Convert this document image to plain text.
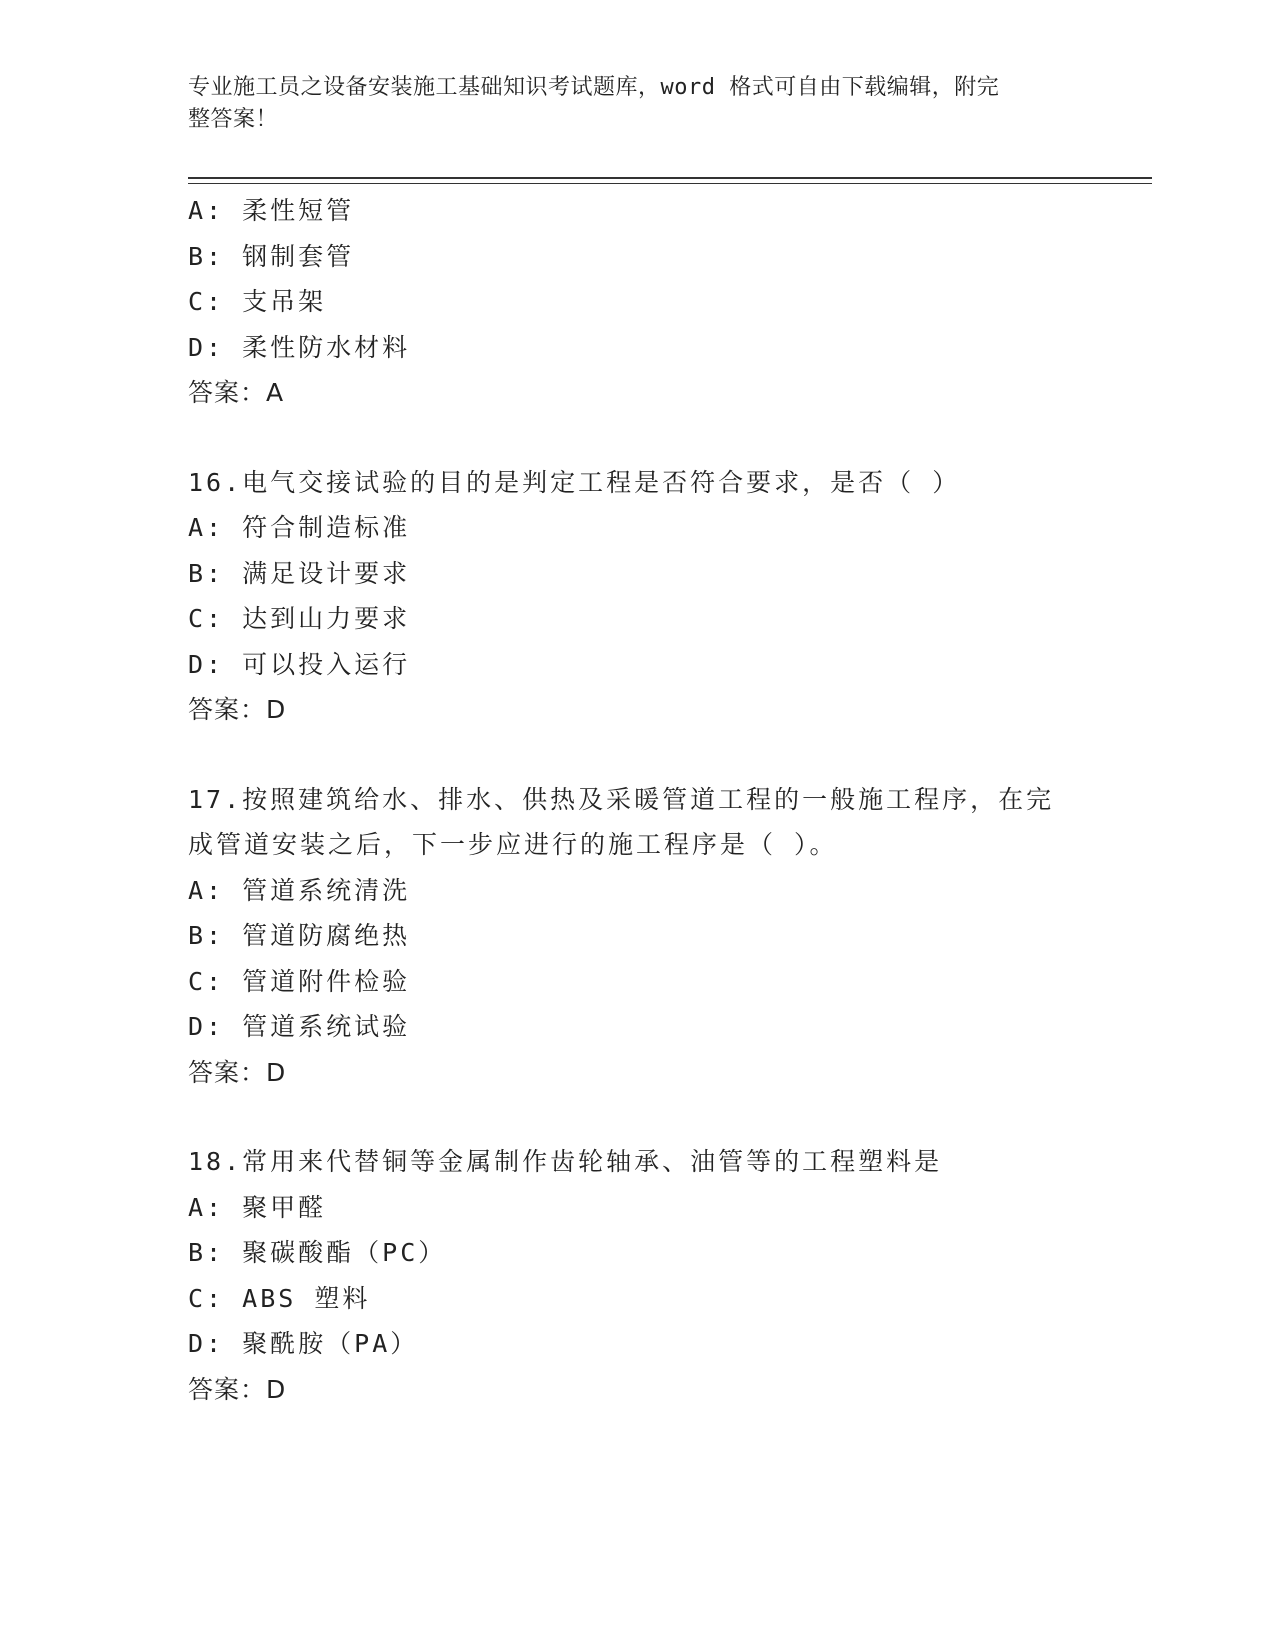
专业施工员之设备安装施工基础知识考试题库，word 格式可自由下载编辑，附完
整答案！
A: 柔性短管
B: 钢制套管
C: 支吊架
D: 柔性防水材料
答案：A
16.电气交接试验的目的是判定工程是否符合要求，是否（ ）
A: 符合制造标准
B: 满足设计要求
C: 达到山力要求
D: 可以投入运行
答案：D
17.按照建筑给水、排水、供热及采暖管道工程的一般施工程序，在完
成管道安装之后，下一步应进行的施工程序是（ ）。
A: 管道系统清洗
B: 管道防腐绝热
C: 管道附件检验
D: 管道系统试验
答案：D
18.常用来代替铜等金属制作齿轮轴承、油管等的工程塑料是
A: 聚甲醛
B: 聚碳酸酯（PC）
C: ABS 塑料
D: 聚酰胺（PA）
答案：D
